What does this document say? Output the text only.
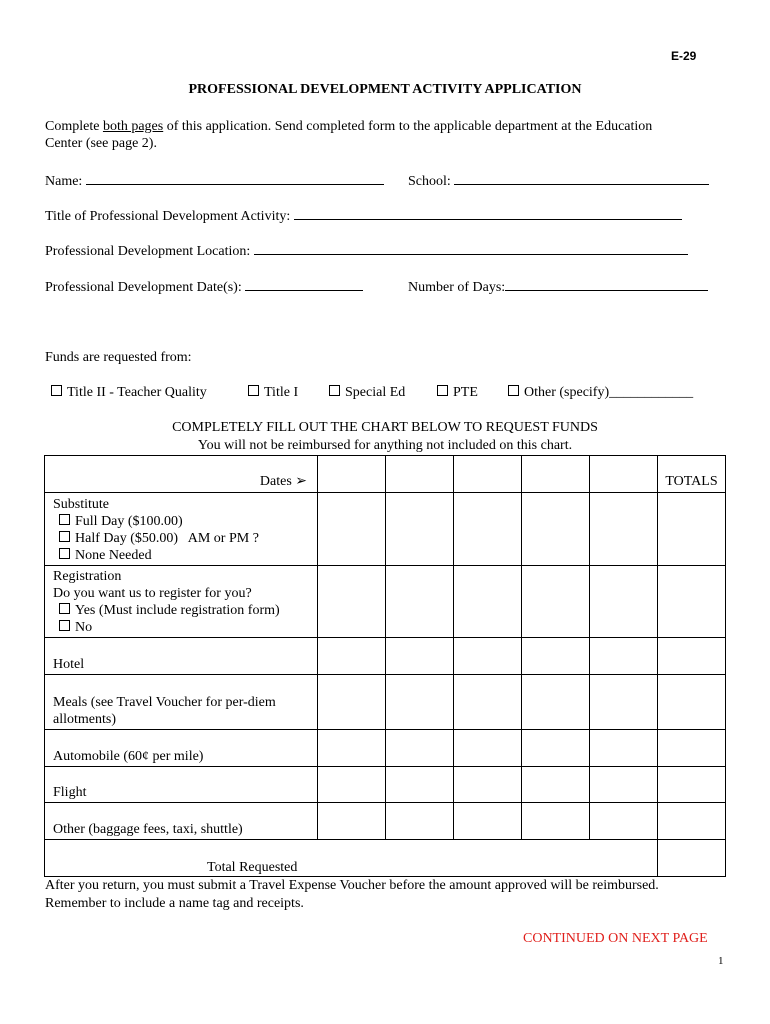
E-29
PROFESSIONAL DEVELOPMENT ACTIVITY APPLICATION
Complete both pages of this application. Send completed form to the applicable department at the Education
Center (see page 2).
Name:	School:
Title of Professional Development Activity:
Professional Development Location:
Professional Development Date(s):	Number of Days:
Funds are requested from:
Title II - Teacher Quality	Title I	Special Ed	PTE	Other (specify)____________
COMPLETELY FILL OUT THE CHART BELOW TO REQUEST FUNDS
You will not be reimbursed for anything not included on this chart.
Dates ➢						TOTALS

Substitute
Full Day ($100.00)
Half Day ($50.00)   AM or PM ?
None Needed						

Registration
Do you want us to register for you?
Yes (Must include registration form)
No						

Hotel						

Meals (see Travel Voucher for per-diem
allotments)						

Automobile (60¢ per mile)						
Flight						
Other (baggage fees, taxi, shuttle)						
Total Requested						
After you return, you must submit a Travel Expense Voucher before the amount approved will be reimbursed.
Remember to include a name tag and receipts.
CONTINUED ON NEXT PAGE
1
